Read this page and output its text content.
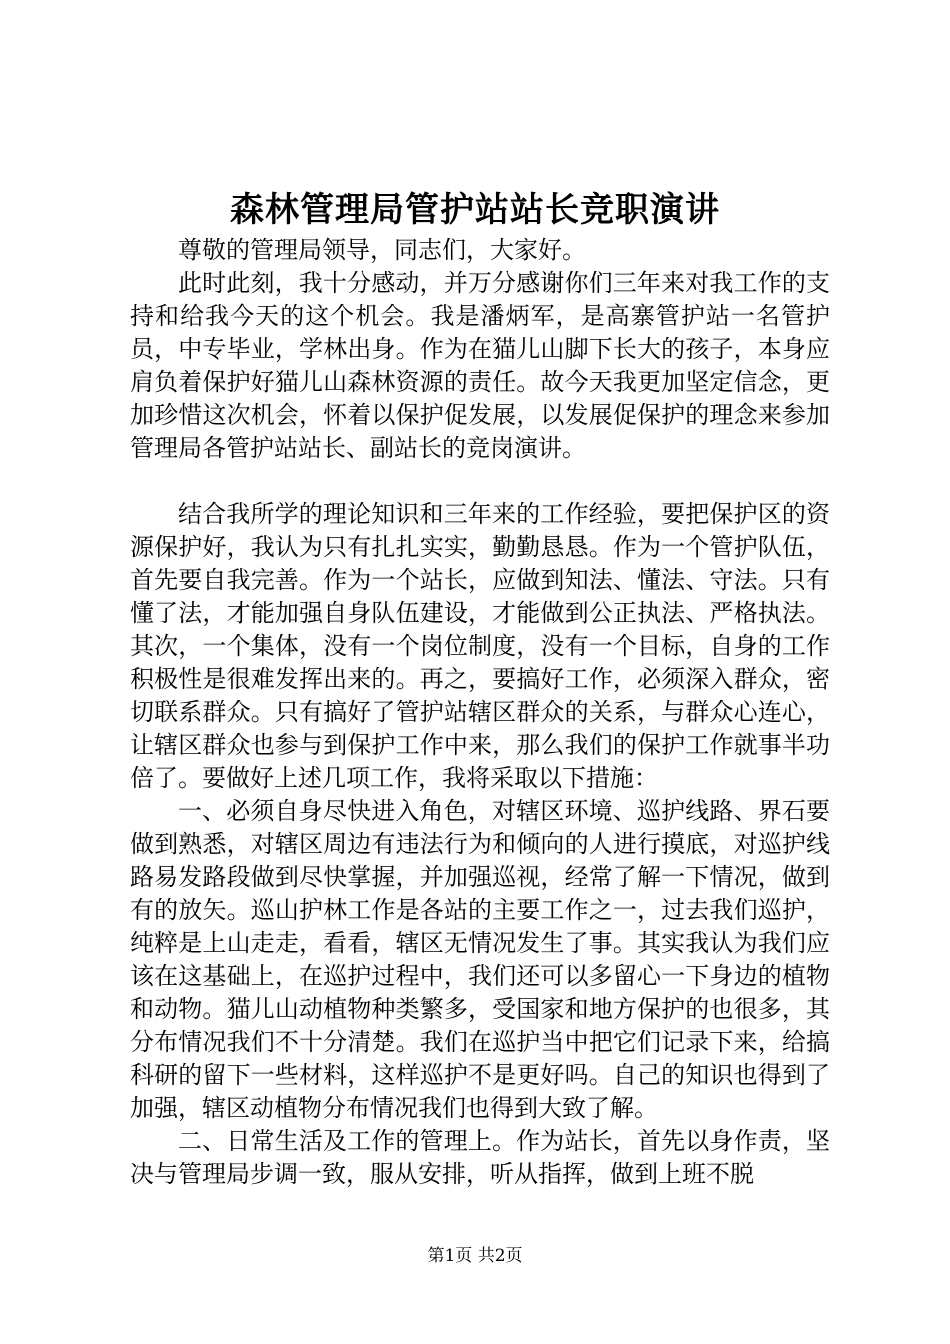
森林管理局管护站站长竞职演讲

尊敬的管理局领导，同志们，大家好。

此时此刻，我十分感动，并万分感谢你们三年来对我工作的支持和给我今天的这个机会。我是潘炳军，是高寨管护站一名管护员，中专毕业，学林出身。作为在猫儿山脚下长大的孩子，本身应肩负着保护好猫儿山森林资源的责任。故今天我更加坚定信念，更加珍惜这次机会，怀着以保护促发展，以发展促保护的理念来参加管理局各管护站站长、副站长的竞岗演讲。

结合我所学的理论知识和三年来的工作经验，要把保护区的资源保护好，我认为只有扎扎实实，勤勤恳恳。作为一个管护队伍，首先要自我完善。作为一个站长，应做到知法、懂法、守法。只有懂了法，才能加强自身队伍建设，才能做到公正执法、严格执法。其次，一个集体，没有一个岗位制度，没有一个目标，自身的工作积极性是很难发挥出来的。再之，要搞好工作，必须深入群众，密切联系群众。只有搞好了管护站辖区群众的关系，与群众心连心，让辖区群众也参与到保护工作中来，那么我们的保护工作就事半功倍了。要做好上述几项工作，我将采取以下措施：

一、必须自身尽快进入角色，对辖区环境、巡护线路、界石要做到熟悉，对辖区周边有违法行为和倾向的人进行摸底，对巡护线路易发路段做到尽快掌握，并加强巡视，经常了解一下情况，做到有的放矢。巡山护林工作是各站的主要工作之一，过去我们巡护，纯粹是上山走走，看看，辖区无情况发生了事。其实我认为我们应该在这基础上，在巡护过程中，我们还可以多留心一下身边的植物和动物。猫儿山动植物种类繁多，受国家和地方保护的也很多，其分布情况我们不十分清楚。我们在巡护当中把它们记录下来，给搞科研的留下一些材料，这样巡护不是更好吗。自己的知识也得到了加强，辖区动植物分布情况我们也得到大致了解。

二、日常生活及工作的管理上。作为站长，首先以身作责，坚决与管理局步调一致，服从安排，听从指挥，做到上班不脱

第1页 共2页
